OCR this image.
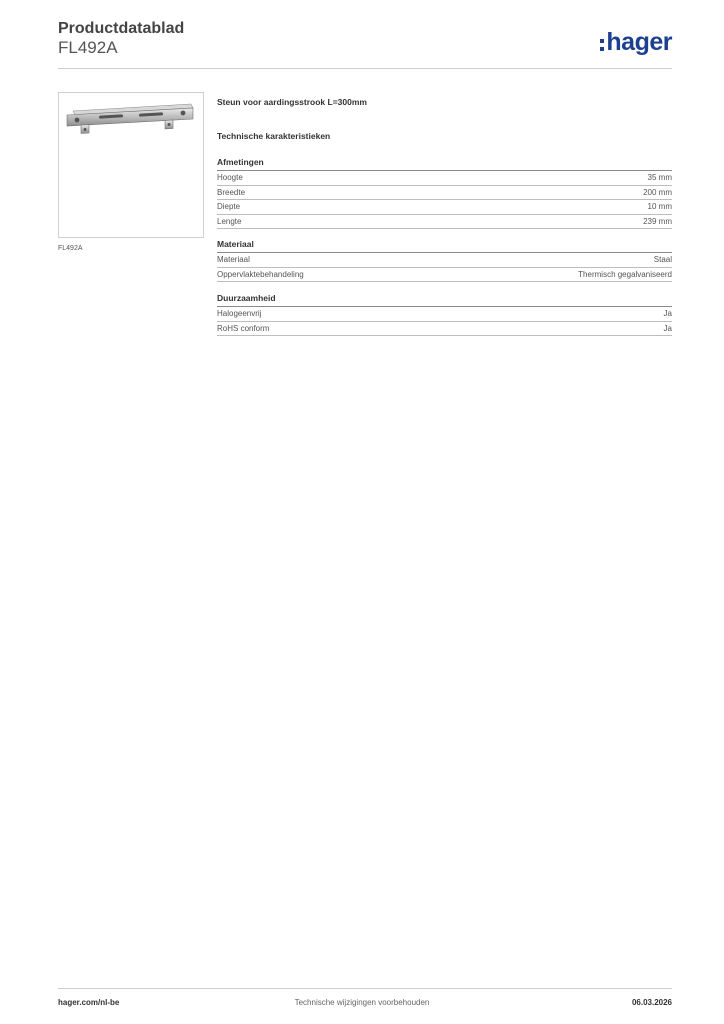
Productdatablad
FL492A	hager
FL492A
Steun voor aardingsstrook L=300mm
Technische karakteristieken
Afmetingen
Hoogte	35 mm
Breedte	200 mm
Diepte	10 mm
Lengte	239 mm
Materiaal
Materiaal	Staal
Oppervlaktebehandeling	Thermisch gegalvaniseerd
Duurzaamheid
Halogeenvrij	Ja
RoHS conform	Ja
hager.com/nl-be	Technische wijzigingen voorbehouden	06.03.2026
